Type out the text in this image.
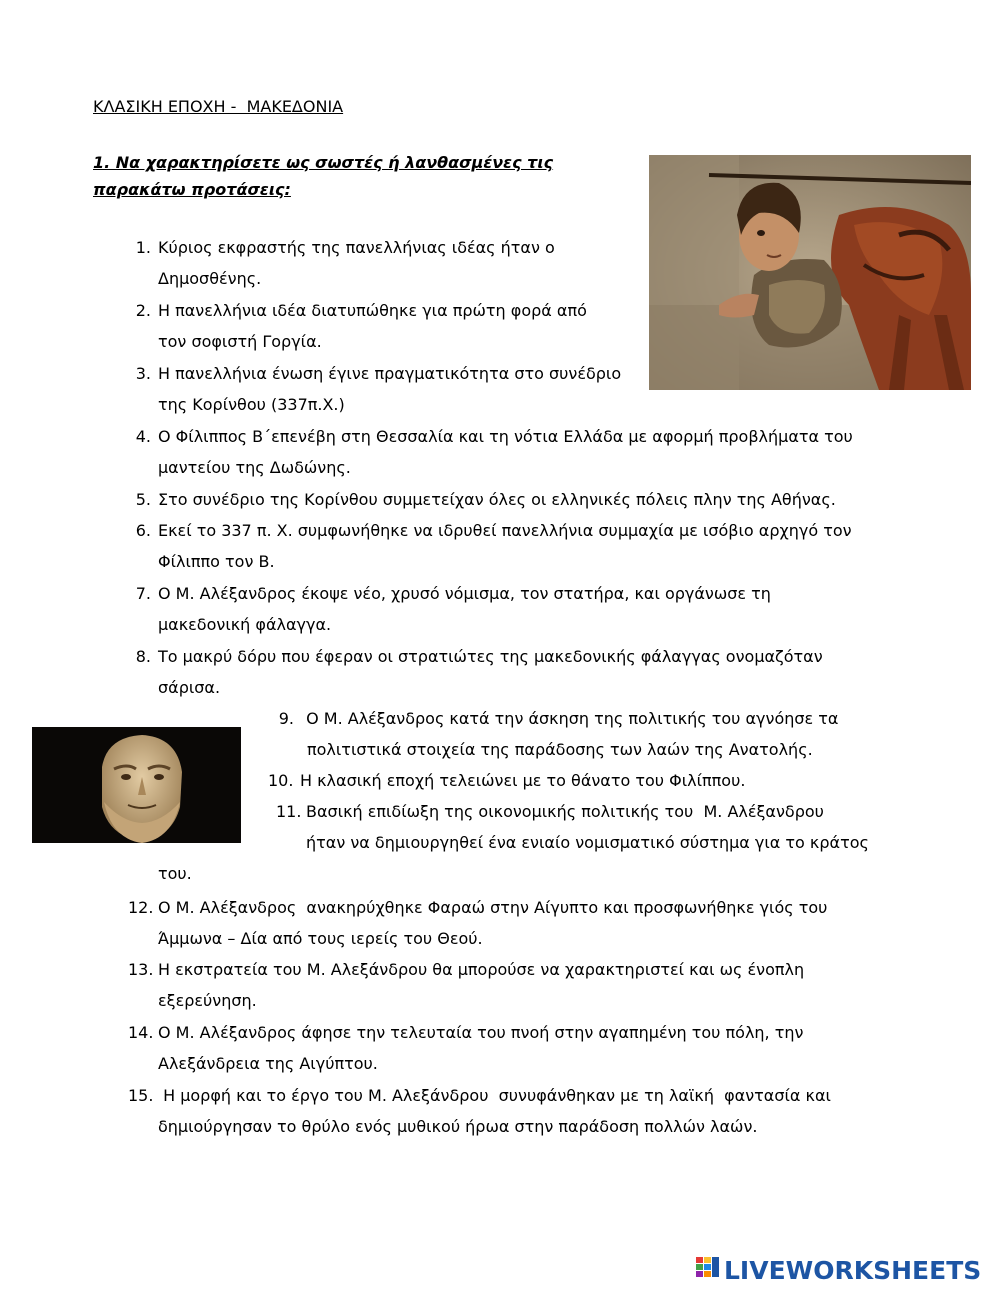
ΚΛΑΣΙΚΗ ΕΠΟΧΗ -  ΜΑΚΕΔΟΝΙΑ
1. Να χαρακτηρίσετε ως σωστές ή λανθασμένες τις παρακάτω προτάσεις:
1. Κύριος εκφραστής της πανελλήνιας ιδέας ήταν ο
Δημοσθένης.
2. Η πανελλήνια ιδέα διατυπώθηκε για πρώτη φορά από
τον σοφιστή Γοργία.
3. Η πανελλήνια ένωση έγινε πραγματικότητα στο συνέδριο
της Κορίνθου (337π.Χ.)
4. Ο Φίλιππος Β΄επενέβη στη Θεσσαλία και τη νότια Ελλάδα με αφορμή προβλήματα του
μαντείου της Δωδώνης.
5. Στο συνέδριο της Κορίνθου συμμετείχαν όλες οι ελληνικές πόλεις πλην της Αθήνας.
6. Εκεί το 337 π. Χ. συμφωνήθηκε να ιδρυθεί πανελλήνια συμμαχία με ισόβιο αρχηγό τον
Φίλιππο τον Β.
7. Ο Μ. Αλέξανδρος έκοψε νέο, χρυσό νόμισμα, τον στατήρα, και οργάνωσε τη
μακεδονική φάλαγγα.
8. Το μακρύ δόρυ που έφεραν οι στρατιώτες της μακεδονικής φάλαγγας ονομαζόταν
σάρισα.
9. Ο Μ. Αλέξανδρος κατά την άσκηση της πολιτικής του αγνόησε τα
πολιτιστικά στοιχεία της παράδοσης των λαών της Ανατολής.
10. Η κλασική εποχή τελειώνει με το θάνατο του Φιλίππου.
11. Βασική επιδίωξη της οικονομικής πολιτικής του  Μ. Αλέξανδρου
ήταν να δημιουργηθεί ένα ενιαίο νομισματικό σύστημα για το κράτος
του.
12. Ο Μ. Αλέξανδρος  ανακηρύχθηκε Φαραώ στην Αίγυπτο και προσφωνήθηκε γιός του
Άμμωνα – Δία από τους ιερείς του Θεού.
13. Η εκστρατεία του Μ. Αλεξάνδρου θα μπορούσε να χαρακτηριστεί και ως ένοπλη
εξερεύνηση.
14. Ο Μ. Αλέξανδρος άφησε την τελευταία του πνοή στην αγαπημένη του πόλη, την
Αλεξάνδρεια της Αιγύπτου.
15. Η μορφή και το έργο του Μ. Αλεξάνδρου  συνυφάνθηκαν με τη λαϊκή  φαντασία και
δημιούργησαν το θρύλο ενός μυθικού ήρωα στην παράδοση πολλών λαών.
LIVEWORKSHEETS
